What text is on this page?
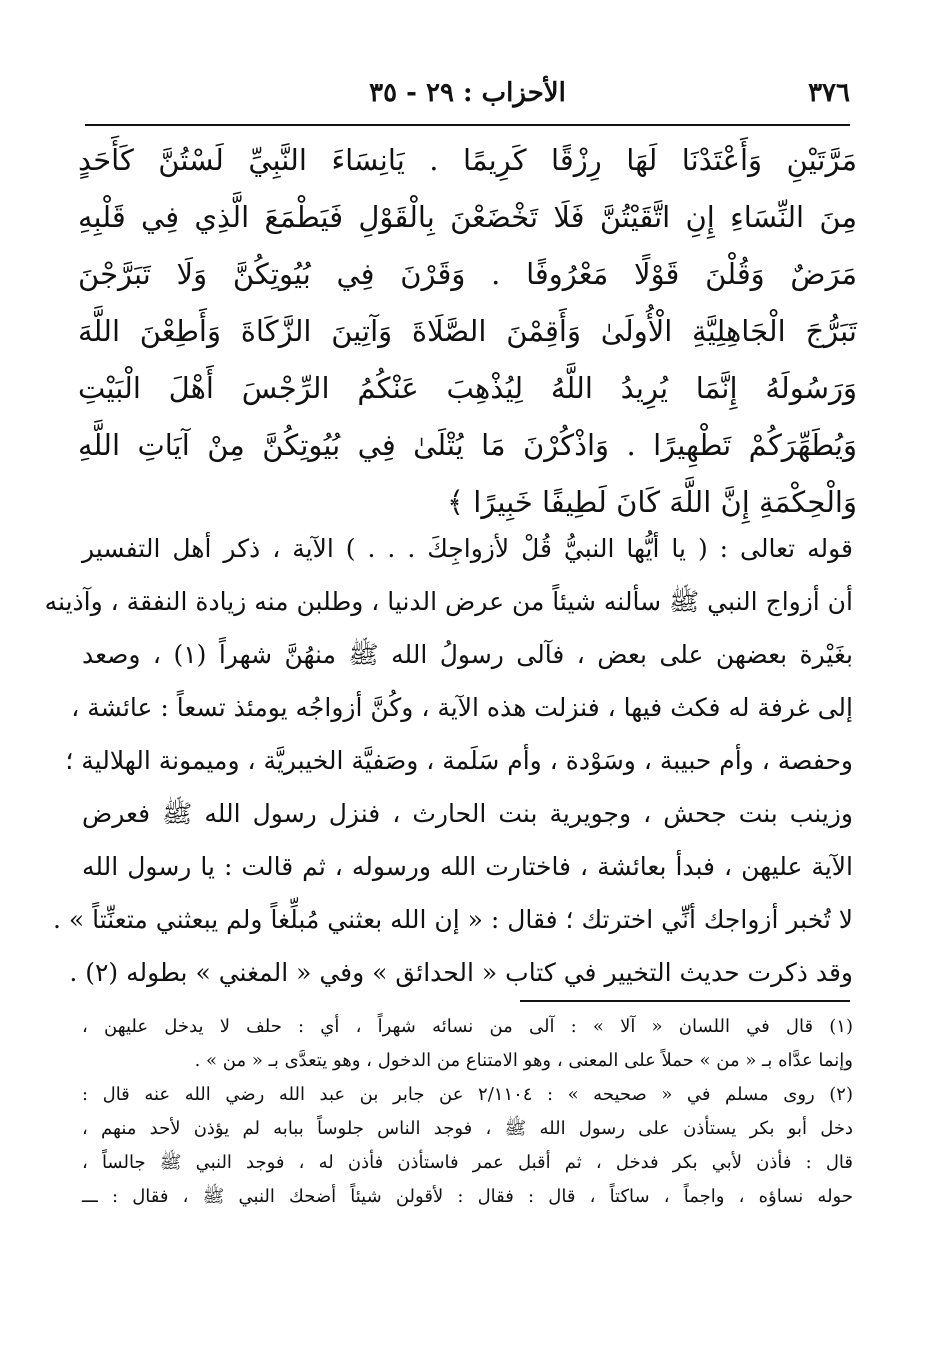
٣٧٦
الأحزاب : ٢٩ - ٣٥
مَرَّتَيْنِ وَأَعْتَدْنَا لَهَا رِزْقًا كَرِيمًا . يَانِسَاءَ النَّبِيِّ لَسْتُنَّ كَأَحَدٍ
مِنَ النِّسَاءِ إِنِ اتَّقَيْتُنَّ فَلَا تَخْضَعْنَ بِالْقَوْلِ فَيَطْمَعَ الَّذِي فِي قَلْبِهِ
مَرَضٌ وَقُلْنَ قَوْلًا مَعْرُوفًا . وَقَرْنَ فِي بُيُوتِكُنَّ وَلَا تَبَرَّجْنَ
تَبَرُّجَ الْجَاهِلِيَّةِ الْأُولَىٰ وَأَقِمْنَ الصَّلَاةَ وَآتِينَ الزَّكَاةَ وَأَطِعْنَ اللَّهَ
وَرَسُولَهُ إِنَّمَا يُرِيدُ اللَّهُ لِيُذْهِبَ عَنْكُمُ الرِّجْسَ أَهْلَ الْبَيْتِ
وَيُطَهِّرَكُمْ تَطْهِيرًا . وَاذْكُرْنَ مَا يُتْلَىٰ فِي بُيُوتِكُنَّ مِنْ آيَاتِ اللَّهِ
وَالْحِكْمَةِ إِنَّ اللَّهَ كَانَ لَطِيفًا خَبِيرًا ﴾
قوله تعالى : ( يا أيُّها النبيُّ قُلْ لأزواجِكَ . . . ) الآية ، ذكر أهل التفسير
أن أزواج النبي ﷺ سألنه شيئاً من عرض الدنيا ، وطلبن منه زيادة النفقة ، وآذينه
بغَيْرة بعضهن على بعض ، فآلى رسولُ الله ﷺ منهُنَّ شهراً (١) ، وصعد
إلى غرفة له فكث فيها ، فنزلت هذه الآية ، وكُنَّ أزواجُه يومئذ تسعاً : عائشة ،
وحفصة ، وأم حبيبة ، وسَوْدة ، وأم سَلَمة ، وصَفيَّة الخيبريَّة ، وميمونة الهلالية ؛
وزينب بنت جحش ، وجويرية بنت الحارث ، فنزل رسول الله ﷺ فعرض
الآية عليهن ، فبدأ بعائشة ، فاختارت الله ورسوله ، ثم قالت : يا رسول الله
لا تُخبر أزواجك أنِّي اخترتك ؛ فقال : « إن الله بعثني مُبلِّغاً ولم يبعثني متعنِّتاً » .
وقد ذكرت حديث التخيير في كتاب « الحدائق » وفي « المغني » بطوله (٢) .
(١) قال في اللسان « آلا » : آلى من نسائه شهراً ، أي : حلف لا يدخل عليهن ،
وإنما عدَّاه بـ « من » حملاً على المعنى ، وهو الامتناع من الدخول ، وهو يتعدَّى بـ « من » .
(٢) روى مسلم في « صحيحه » : ٢/١١٠٤ عن جابر بن عبد الله رضي الله عنه قال :
دخل أبو بكر يستأذن على رسول الله ﷺ ، فوجد الناس جلوساً ببابه لم يؤذن لأحد منهم ،
قال : فأذن لأبي بكر فدخل ، ثم أقبل عمر فاستأذن فأذن له ، فوجد النبي ﷺ جالساً ،
حوله نساؤه ، واجماً ، ساكتاً ، قال : فقال : لأقولن شيئاً أضحك النبي ﷺ ، فقال : ـــ
